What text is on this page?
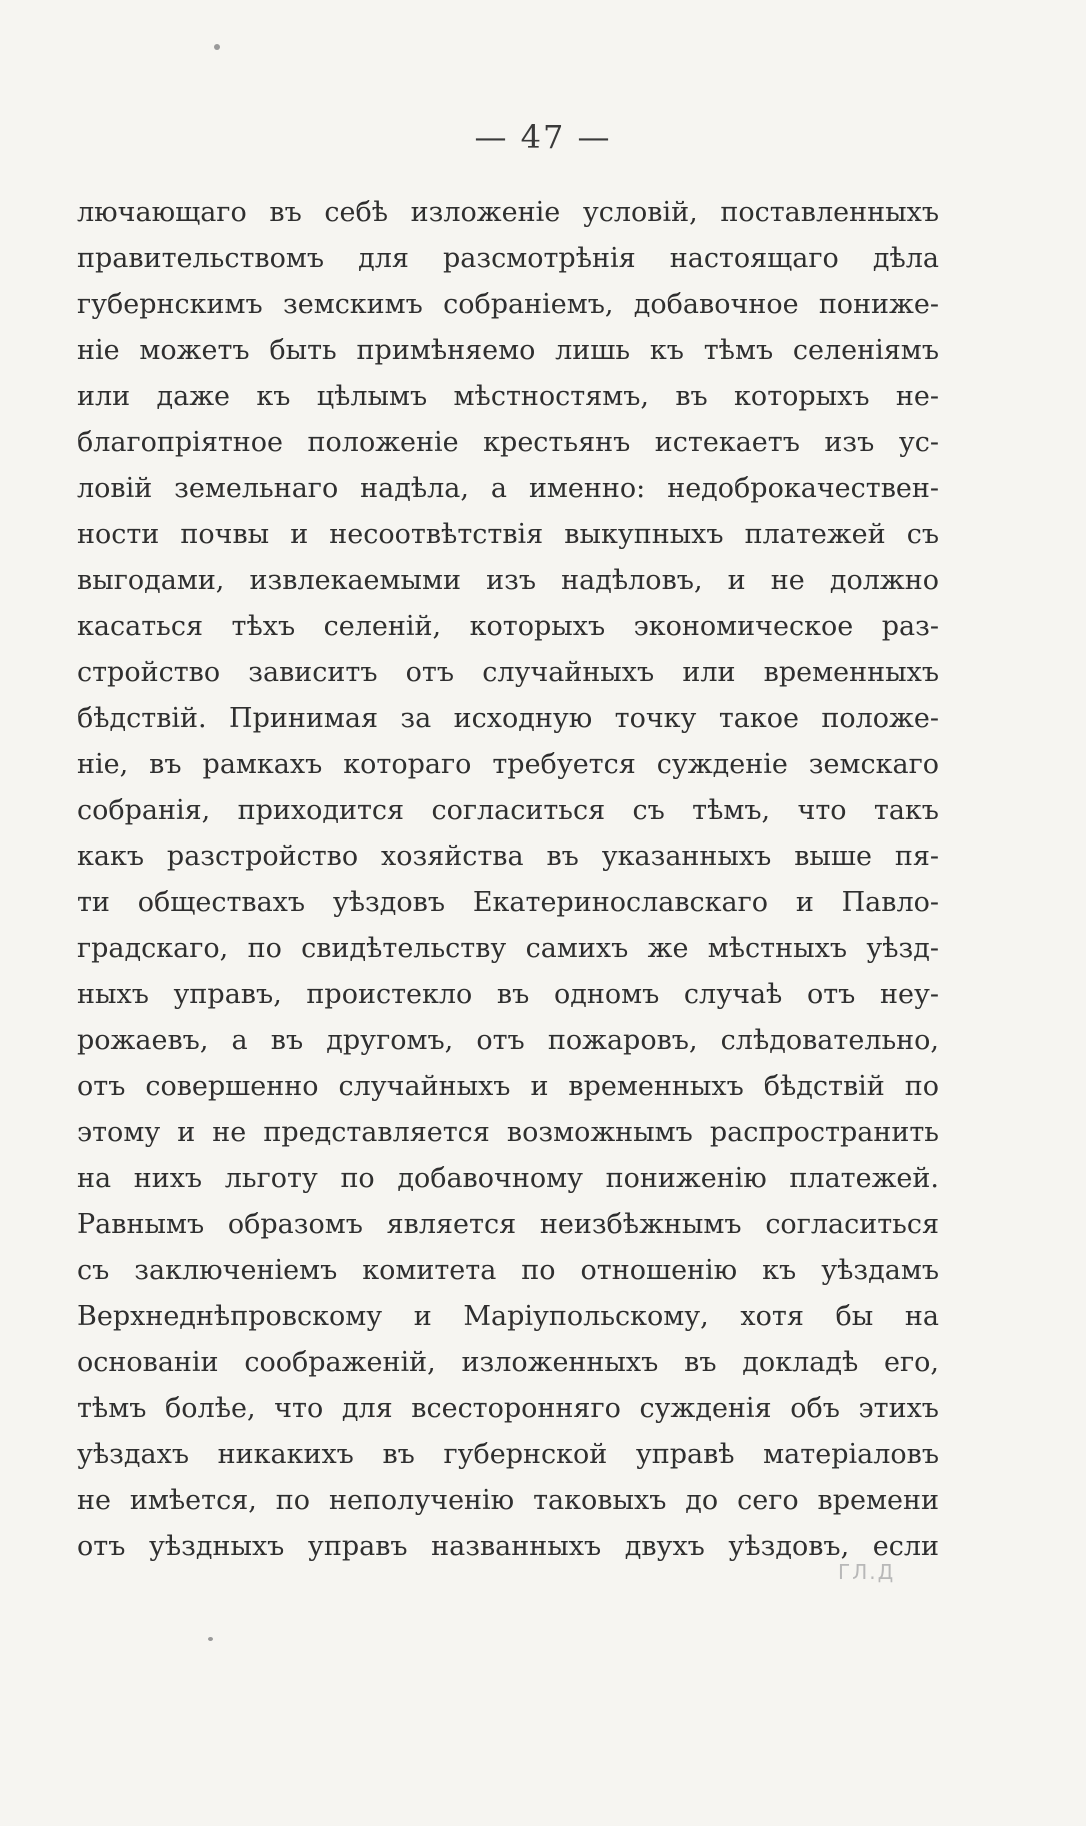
— 47 —
лючающаго въ себѣ изложеніе условій, поставленныхъ
правительствомъ для разсмотрѣнія настоящаго дѣла
губернскимъ земскимъ собраніемъ, добавочное пониже-
ніе можетъ быть примѣняемо лишь къ тѣмъ селеніямъ
или даже къ цѣлымъ мѣстностямъ, въ которыхъ не-
благопріятное положеніе крестьянъ истекаетъ изъ ус-
ловій земельнаго надѣла, а именно: недоброкачествен-
ности почвы и несоотвѣтствія выкупныхъ платежей съ
выгодами, извлекаемыми изъ надѣловъ, и не должно
касаться тѣхъ селеній, которыхъ экономическое раз-
стройство зависитъ отъ случайныхъ или временныхъ
бѣдствій. Принимая за исходную точку такое положе-
ніе, въ рамкахъ котораго требуется сужденіе земскаго
собранія, приходится согласиться съ тѣмъ, что такъ
какъ разстройство хозяйства въ указанныхъ выше пя-
ти обществахъ уѣздовъ Екатеринославскаго и Павло-
градскаго, по свидѣтельству самихъ же мѣстныхъ уѣзд-
ныхъ управъ, проистекло въ одномъ случаѣ отъ неу-
рожаевъ, а въ другомъ, отъ пожаровъ, слѣдовательно,
отъ совершенно случайныхъ и временныхъ бѣдствій по
этому и не представляется возможнымъ распространить
на нихъ льготу по добавочному пониженію платежей.
Равнымъ образомъ является неизбѣжнымъ согласиться
съ заключеніемъ комитета по отношенію къ уѣздамъ
Верхнеднѣпровскому и Маріупольскому, хотя бы на
основаніи соображеній, изложенныхъ въ докладѣ его,
тѣмъ болѣе, что для всесторонняго сужденія объ этихъ
уѣздахъ никакихъ въ губернской управѣ матеріаловъ
не имѣется, по неполученію таковыхъ до сего времени
отъ уѣздныхъ управъ названныхъ двухъ уѣздовъ, если
ГЛ.Д
